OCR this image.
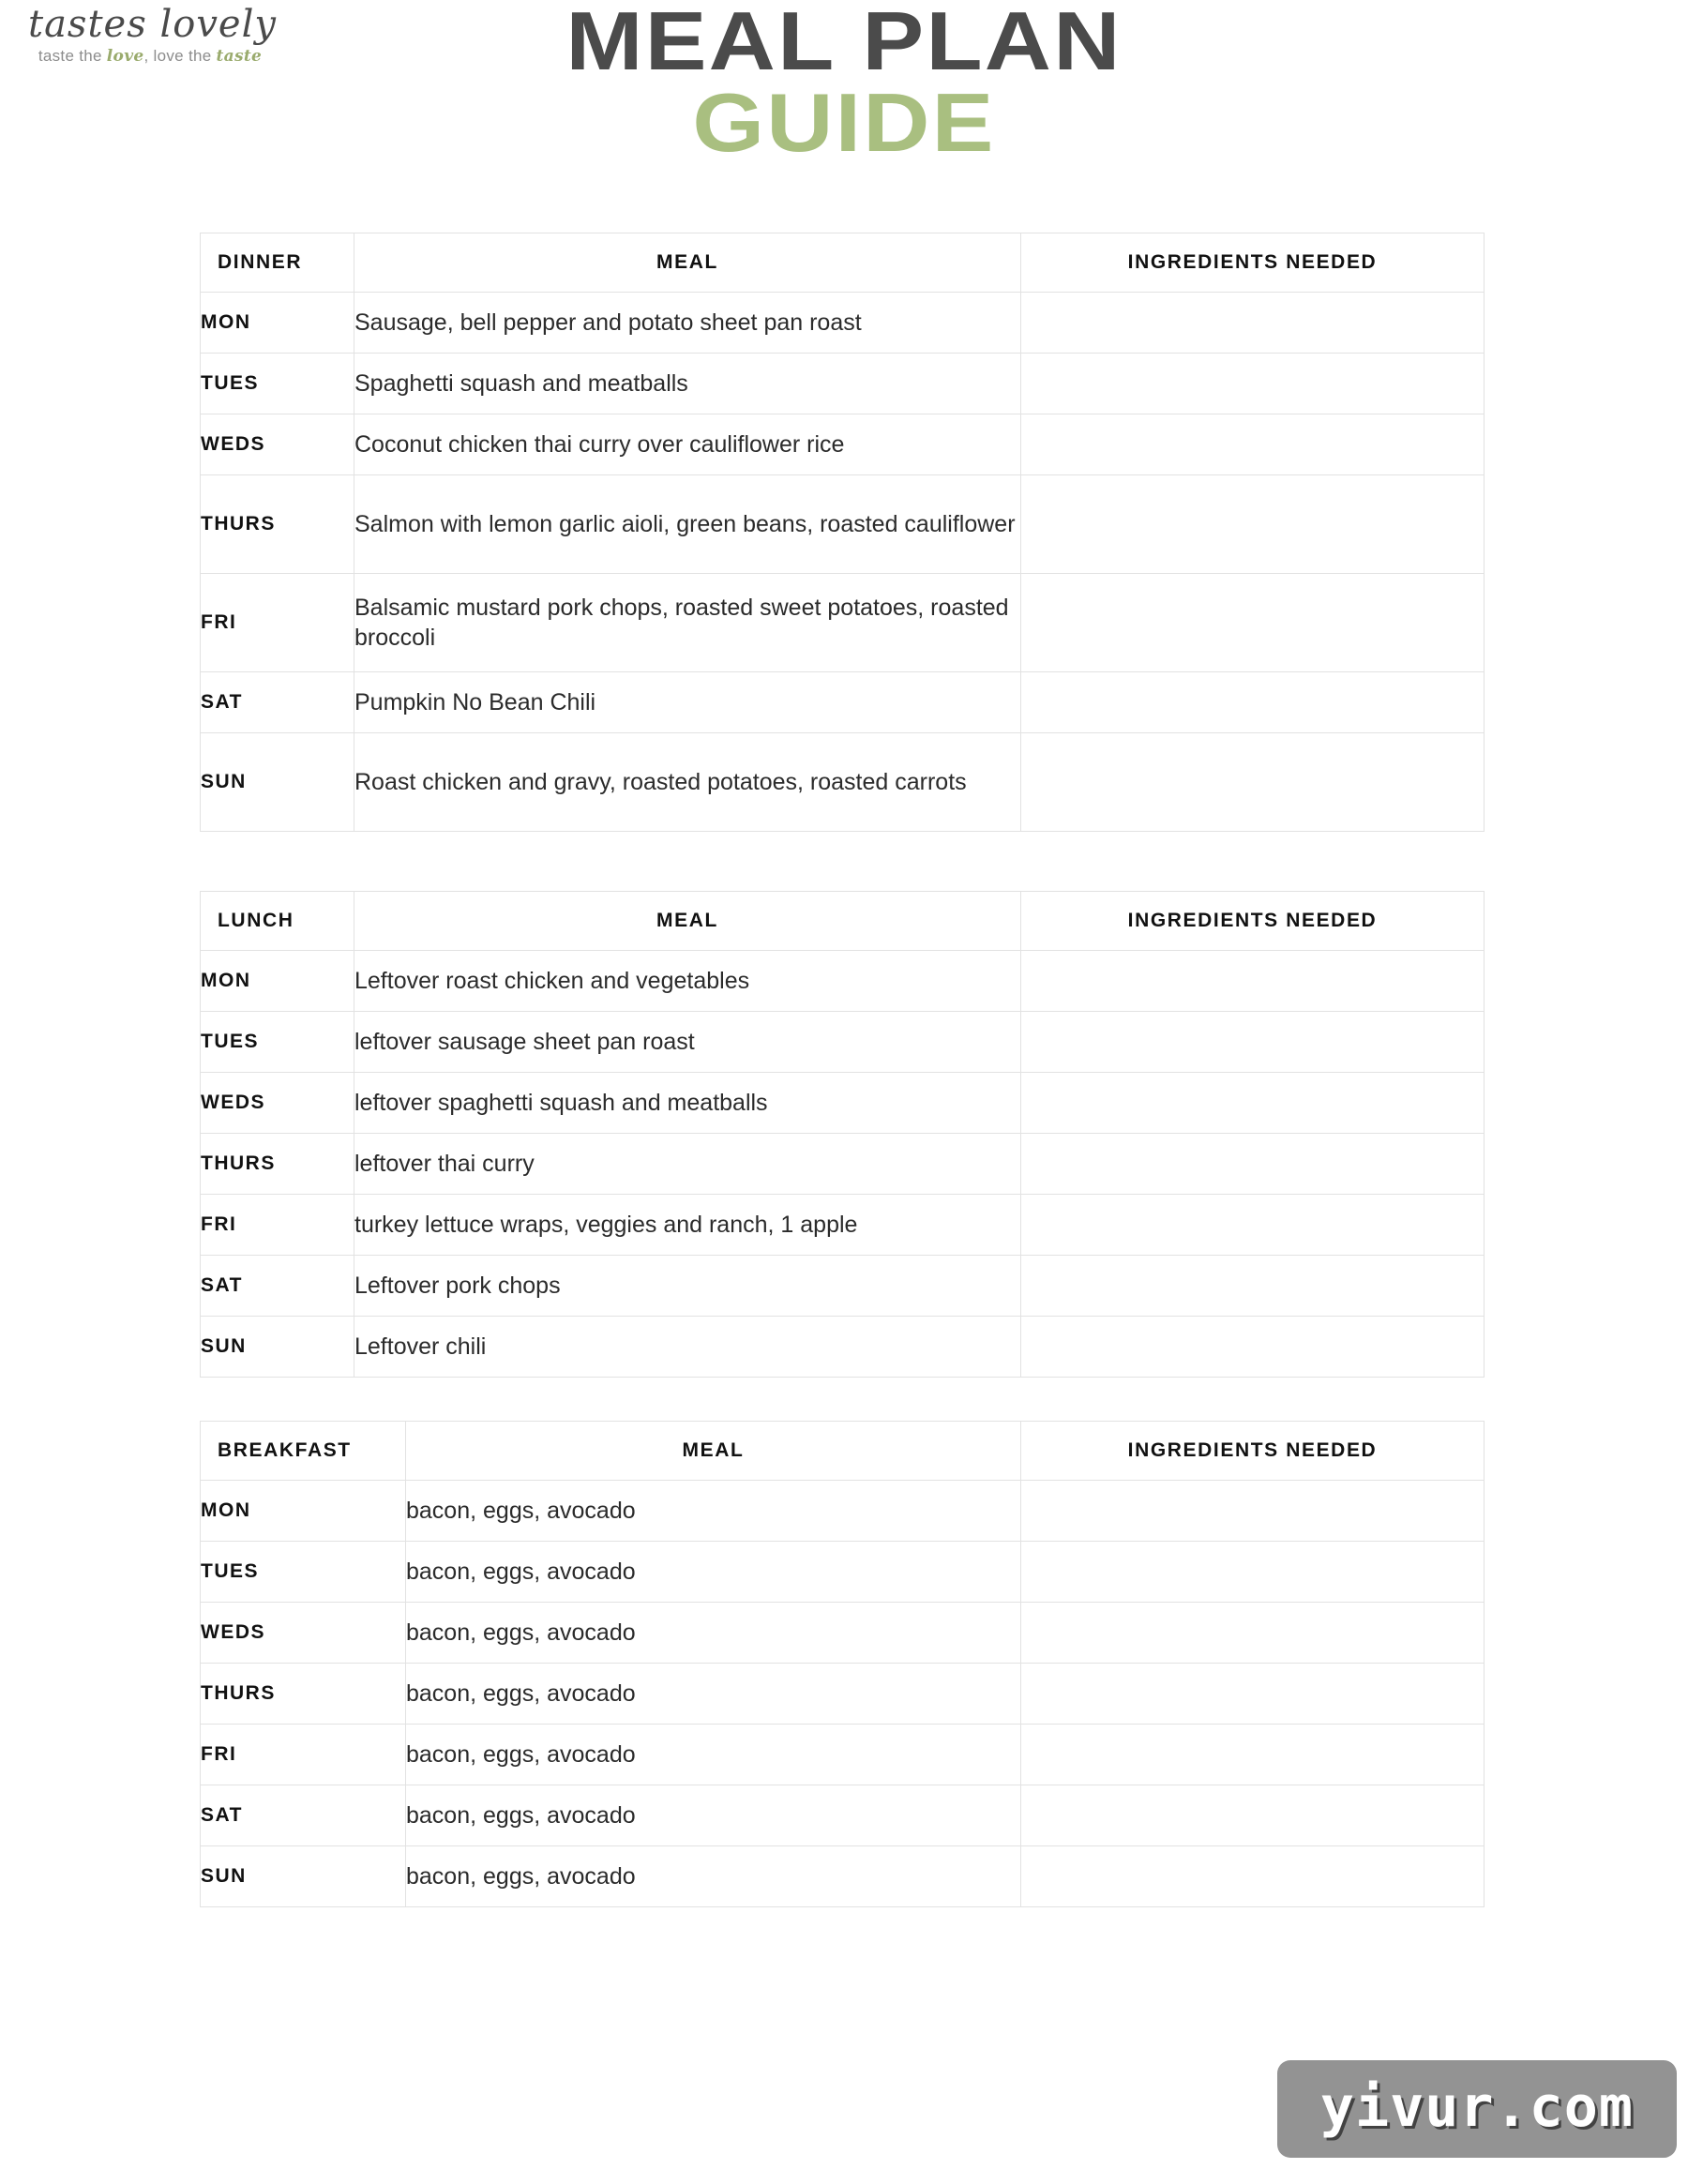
tastes lovely
taste the love, love the taste	MEAL PLAN
GUIDE
DINNER	MEAL	INGREDIENTS NEEDED
MON	Sausage, bell pepper and potato sheet pan roast	
TUES	Spaghetti squash and meatballs	
WEDS	Coconut chicken thai curry over cauliflower rice	
THURS	Salmon with lemon garlic aioli, green beans, roasted cauliflower	
FRI	Balsamic mustard pork chops, roasted sweet potatoes, roasted broccoli	
SAT	Pumpkin No Bean Chili	
SUN	Roast chicken and gravy, roasted potatoes, roasted carrots	
LUNCH	MEAL	INGREDIENTS NEEDED
MON	Leftover roast chicken and vegetables	
TUES	leftover sausage sheet pan roast	
WEDS	leftover spaghetti squash and meatballs	
THURS	leftover thai curry	
FRI	turkey lettuce wraps, veggies and ranch, 1 apple	
SAT	Leftover pork chops	
SUN	Leftover chili	
BREAKFAST	MEAL	INGREDIENTS NEEDED
MON	bacon, eggs, avocado	
TUES	bacon, eggs, avocado	
WEDS	bacon, eggs, avocado	
THURS	bacon, eggs, avocado	
FRI	bacon, eggs, avocado	
SAT	bacon, eggs, avocado	
SUN	bacon, eggs, avocado	
yivur.com
